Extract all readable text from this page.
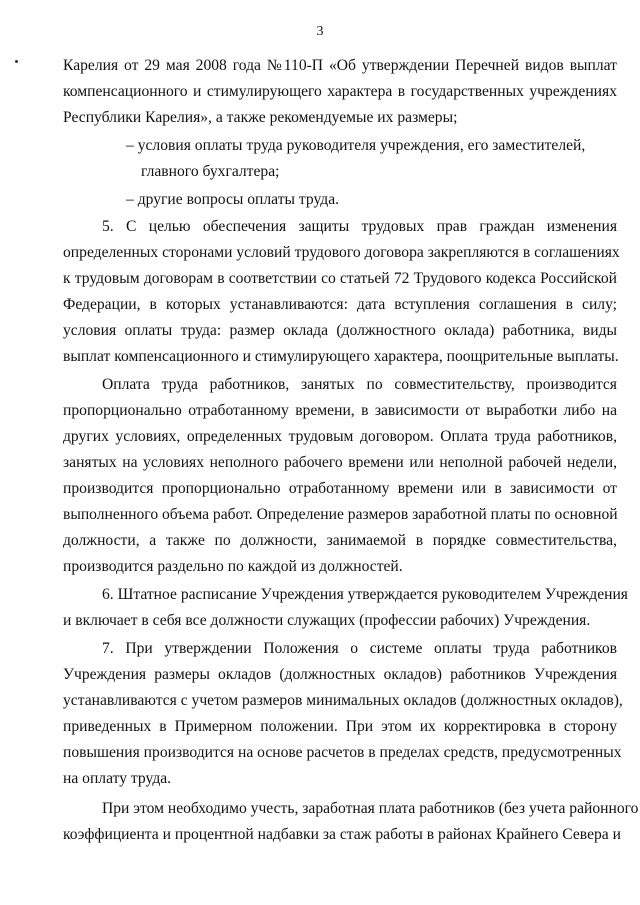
3
Карелия от 29 мая 2008 года №110-П «Об утверждении Перечней видов выплат
компенсационного и стимулирующего характера в государственных учреждениях
Республики Карелия», а также рекомендуемые их размеры;
– условия оплаты труда руководителя учреждения, его заместителей,
главного бухгалтера;
– другие вопросы оплаты труда.
5. С целью обеспечения защиты трудовых прав граждан изменения
определенных сторонами условий трудового договора закрепляются в соглашениях
к трудовым договорам в соответствии со статьей 72 Трудового кодекса Российской
Федерации, в которых устанавливаются: дата вступления соглашения в силу;
условия оплаты труда: размер оклада (должностного оклада) работника, виды
выплат компенсационного и стимулирующего характера, поощрительные выплаты.
Оплата труда работников, занятых по совместительству, производится
пропорционально отработанному времени, в зависимости от выработки либо на
других условиях, определенных трудовым договором. Оплата труда работников,
занятых на условиях неполного рабочего времени или неполной рабочей недели,
производится пропорционально отработанному времени или в зависимости от
выполненного объема работ. Определение размеров заработной платы по основной
должности, а также по должности, занимаемой в порядке совместительства,
производится раздельно по каждой из должностей.
6. Штатное расписание Учреждения утверждается руководителем Учреждения
и включает в себя все должности служащих (профессии рабочих) Учреждения.
7. При утверждении Положения о системе оплаты труда работников
Учреждения размеры окладов (должностных окладов) работников Учреждения
устанавливаются с учетом размеров минимальных окладов (должностных окладов),
приведенных в Примерном положении. При этом их корректировка в сторону
повышения производится на основе расчетов в пределах средств, предусмотренных
на оплату труда.
При этом необходимо учесть, заработная плата работников (без учета районного
коэффициента и процентной надбавки за стаж работы в районах Крайнего Севера и
